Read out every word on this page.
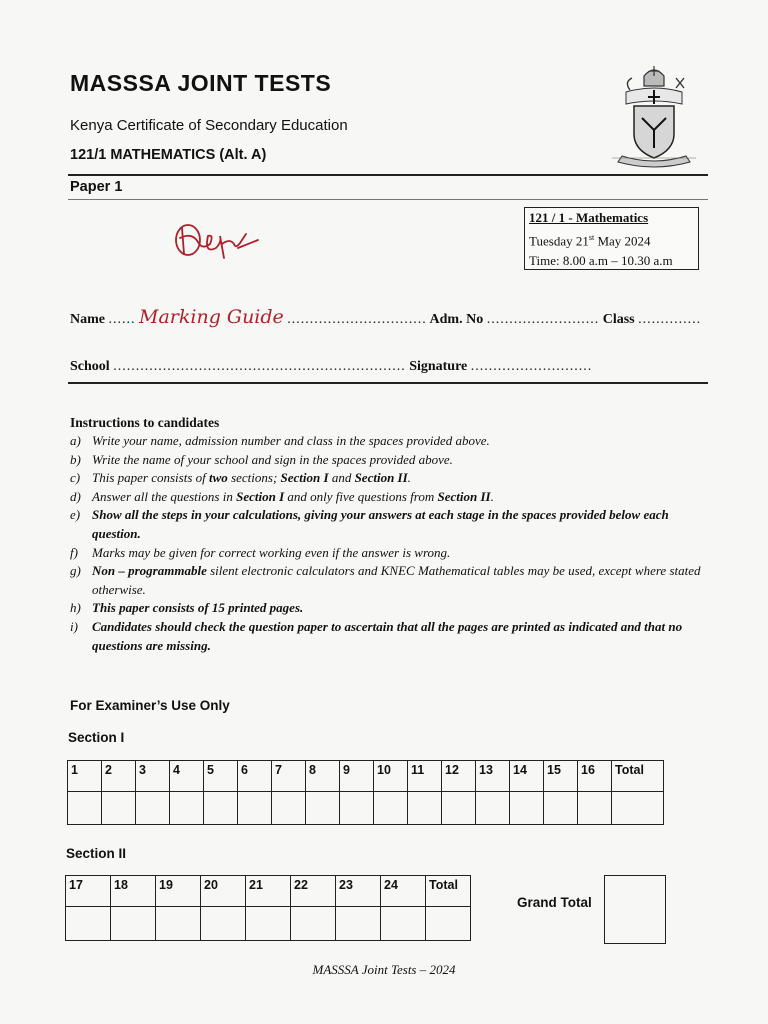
MASSSA JOINT TESTS
Kenya Certificate of Secondary Education
121/1 MATHEMATICS (Alt. A)
Paper 1
121 / 1 - Mathematics
Tuesday 21st May 2024
Time: 8.00 a.m – 10.30 a.m
Name ...... Marking Guide ............................... Adm. No ......................... Class ..............
School ................................................................. Signature ...........................
Instructions to candidates
a) Write your name, admission number and class in the spaces provided above.
b) Write the name of your school and sign in the spaces provided above.
c) This paper consists of two sections; Section I and Section II.
d) Answer all the questions in Section I and only five questions from Section II.
e) Show all the steps in your calculations, giving your answers at each stage in the spaces provided below each question.
f)	Marks may be given for correct working even if the answer is wrong.
g) Non – programmable silent electronic calculators and KNEC Mathematical tables may be used, except where stated otherwise.
h) This paper consists of 15 printed pages.
i)	Candidates should check the question paper to ascertain that all the pages are printed as indicated and that no questions are missing.
For Examiner’s Use Only
Section I
1	2	3	4	5	6	7	8	9	10	11	12	13	14	15	16	Total

Section II
17	18	19	20	21	22	23	24	Total

Grand Total
MASSSA Joint Tests – 2024
